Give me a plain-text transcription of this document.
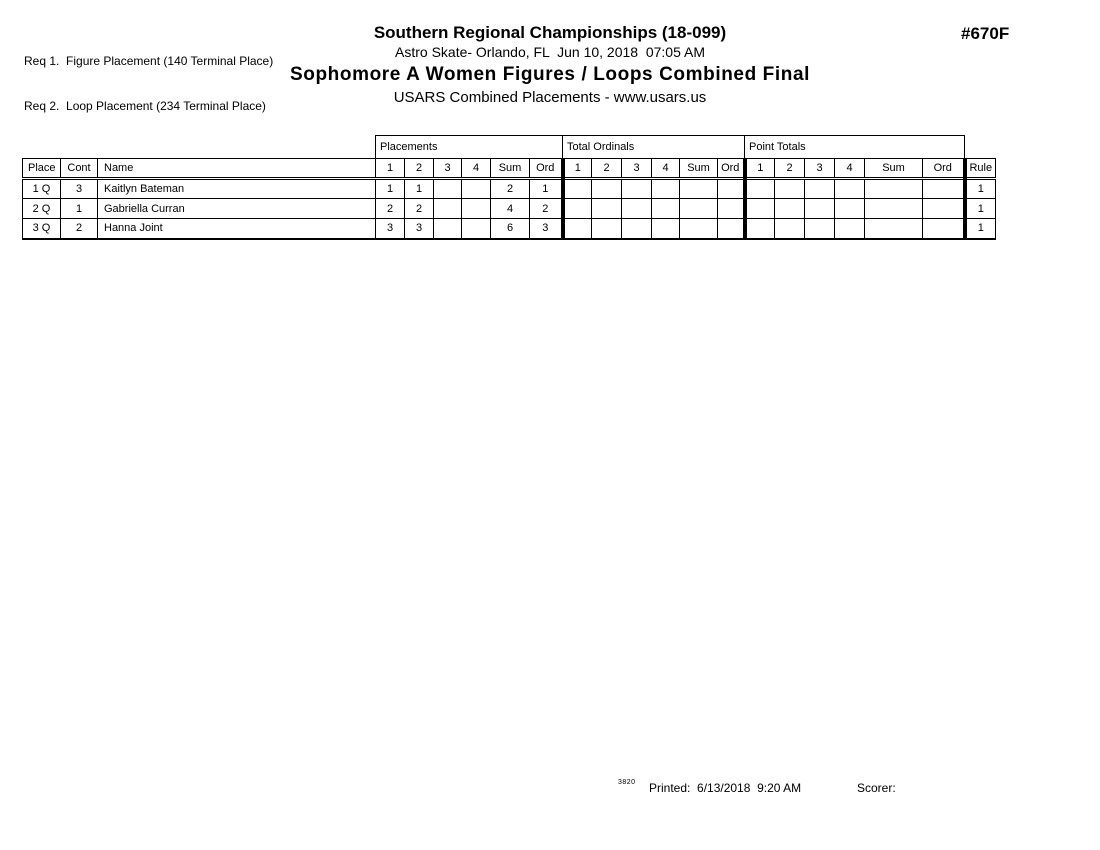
Req 1.  Figure Placement (140 Terminal Place)

Req 2.  Loop Placement (234 Terminal Place)

Southern Regional Championships (18-099)
Astro Skate- Orlando, FL  Jun 10, 2018  07:05 AM
Sophomore A Women Figures / Loops Combined Final
USARS Combined Placements - www.usars.us
#670F
			Placements						Total Ordinals						Point Totals						
Place	Cont	Name	1	2	3	4	Sum	Ord	1	2	3	4	Sum	Ord	1	2	3	4	Sum	Ord	Rule
1 Q	3	Kaitlyn Bateman	1	1			2	1													1
2 Q	1	Gabriella Curran	2	2			4	2													1
3 Q	2	Hanna Joint	3	3			6	3													1
3820 Printed:  6/13/2018  9:20 AM	Scorer:
